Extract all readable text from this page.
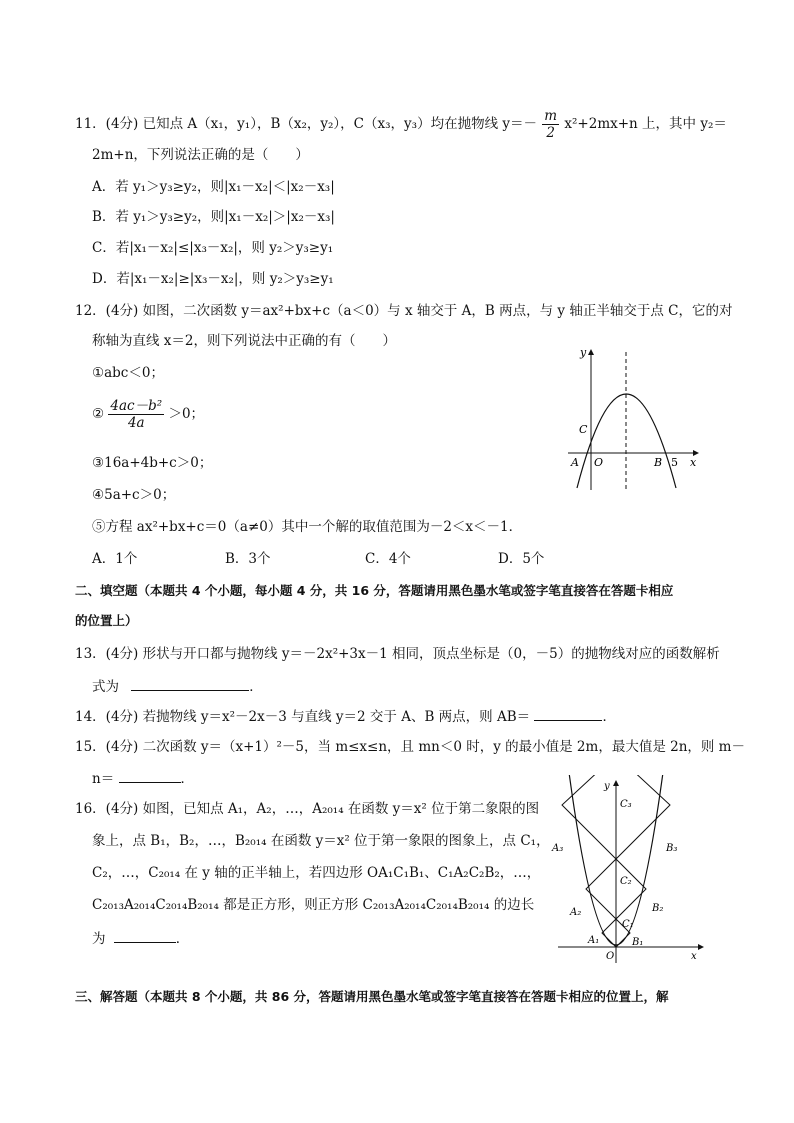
11．(4分) 已知点 A（x₁，y₁），B（x₂，y₂），C（x₃，y₃）均在抛物线 $y=- \frac{m}{2} x^2+2mx+n$ 上，其中 y₂＝
2m+n，下列说法正确的是（　　）
A．若 y₁＞y₃≥y₂，则|x₁－x₂|＜|x₂－x₃|
B．若 y₁＞y₃≥y₂，则|x₁－x₂|＞|x₂－x₃|
C．若|x₁－x₂|≤|x₃－x₂|，则 y₂＞y₃≥y₁
D．若|x₁－x₂|≥|x₃－x₂|，则 y₂＞y₃≥y₁
12．(4分) 如图，二次函数 y＝ax²+bx+c（a＜0）与 x 轴交于 A，B 两点，与 y 轴正半轴交于点 C，它的对
称轴为直线 x＝2，则下列说法中正确的有（　　）
①abc＜0；
② $\frac{\text{4ac－b²}}{4a} >0$；
③16a+4b+c＞0；
④5a+c＞0；
⑤方程 ax²+bx+c＝0（a≠0）其中一个解的取值范围为－2＜x＜－1．
A．1个	B．3个	C．4个	D．5个
y
x
C
A O	B 5
二、填空题（本题共 4 个小题，每小题 4 分，共 16 分，答题请用黑色墨水笔或签字笔直接答在答题卡相应
的位置上）
13．(4分) 形状与开口都与抛物线 y＝－2x²+3x－1 相同，顶点坐标是（0，－5）的抛物线对应的函数解析
式为	．
14．(4分) 若抛物线 y＝x²－2x－3 与直线 y＝2 交于 A、B 两点，则 AB＝	．
15．(4分) 二次函数 y＝（x+1）²－5，当 m≤x≤n，且 mn＜0 时，y 的最小值是 2m，最大值是 2n，则 m－
n＝	．
16．(4分) 如图，已知点 A₁，A₂，…，A₂₀₁₄ 在函数 y＝x² 位于第二象限的图
象上，点 B₁，B₂，…，B₂₀₁₄ 在函数 y＝x² 位于第一象限的图象上，点 C₁，
C₂，…，C₂₀₁₄ 在 y 轴的正半轴上，若四边形 OA₁C₁B₁、C₁A₂C₂B₂，…，
C₂₀₁₃A₂₀₁₄C₂₀₁₄B₂₀₁₄ 都是正方形，则正方形 C₂₀₁₃A₂₀₁₄C₂₀₁₄B₂₀₁₄ 的边长
为	．
y
x
O
A₁	B₁
C₁
A₂	B₂
C₂
A₃	B₃
C₃
三、解答题（本题共 8 个小题，共 86 分，答题请用黑色墨水笔或签字笔直接答在答题卡相应的位置上，解
